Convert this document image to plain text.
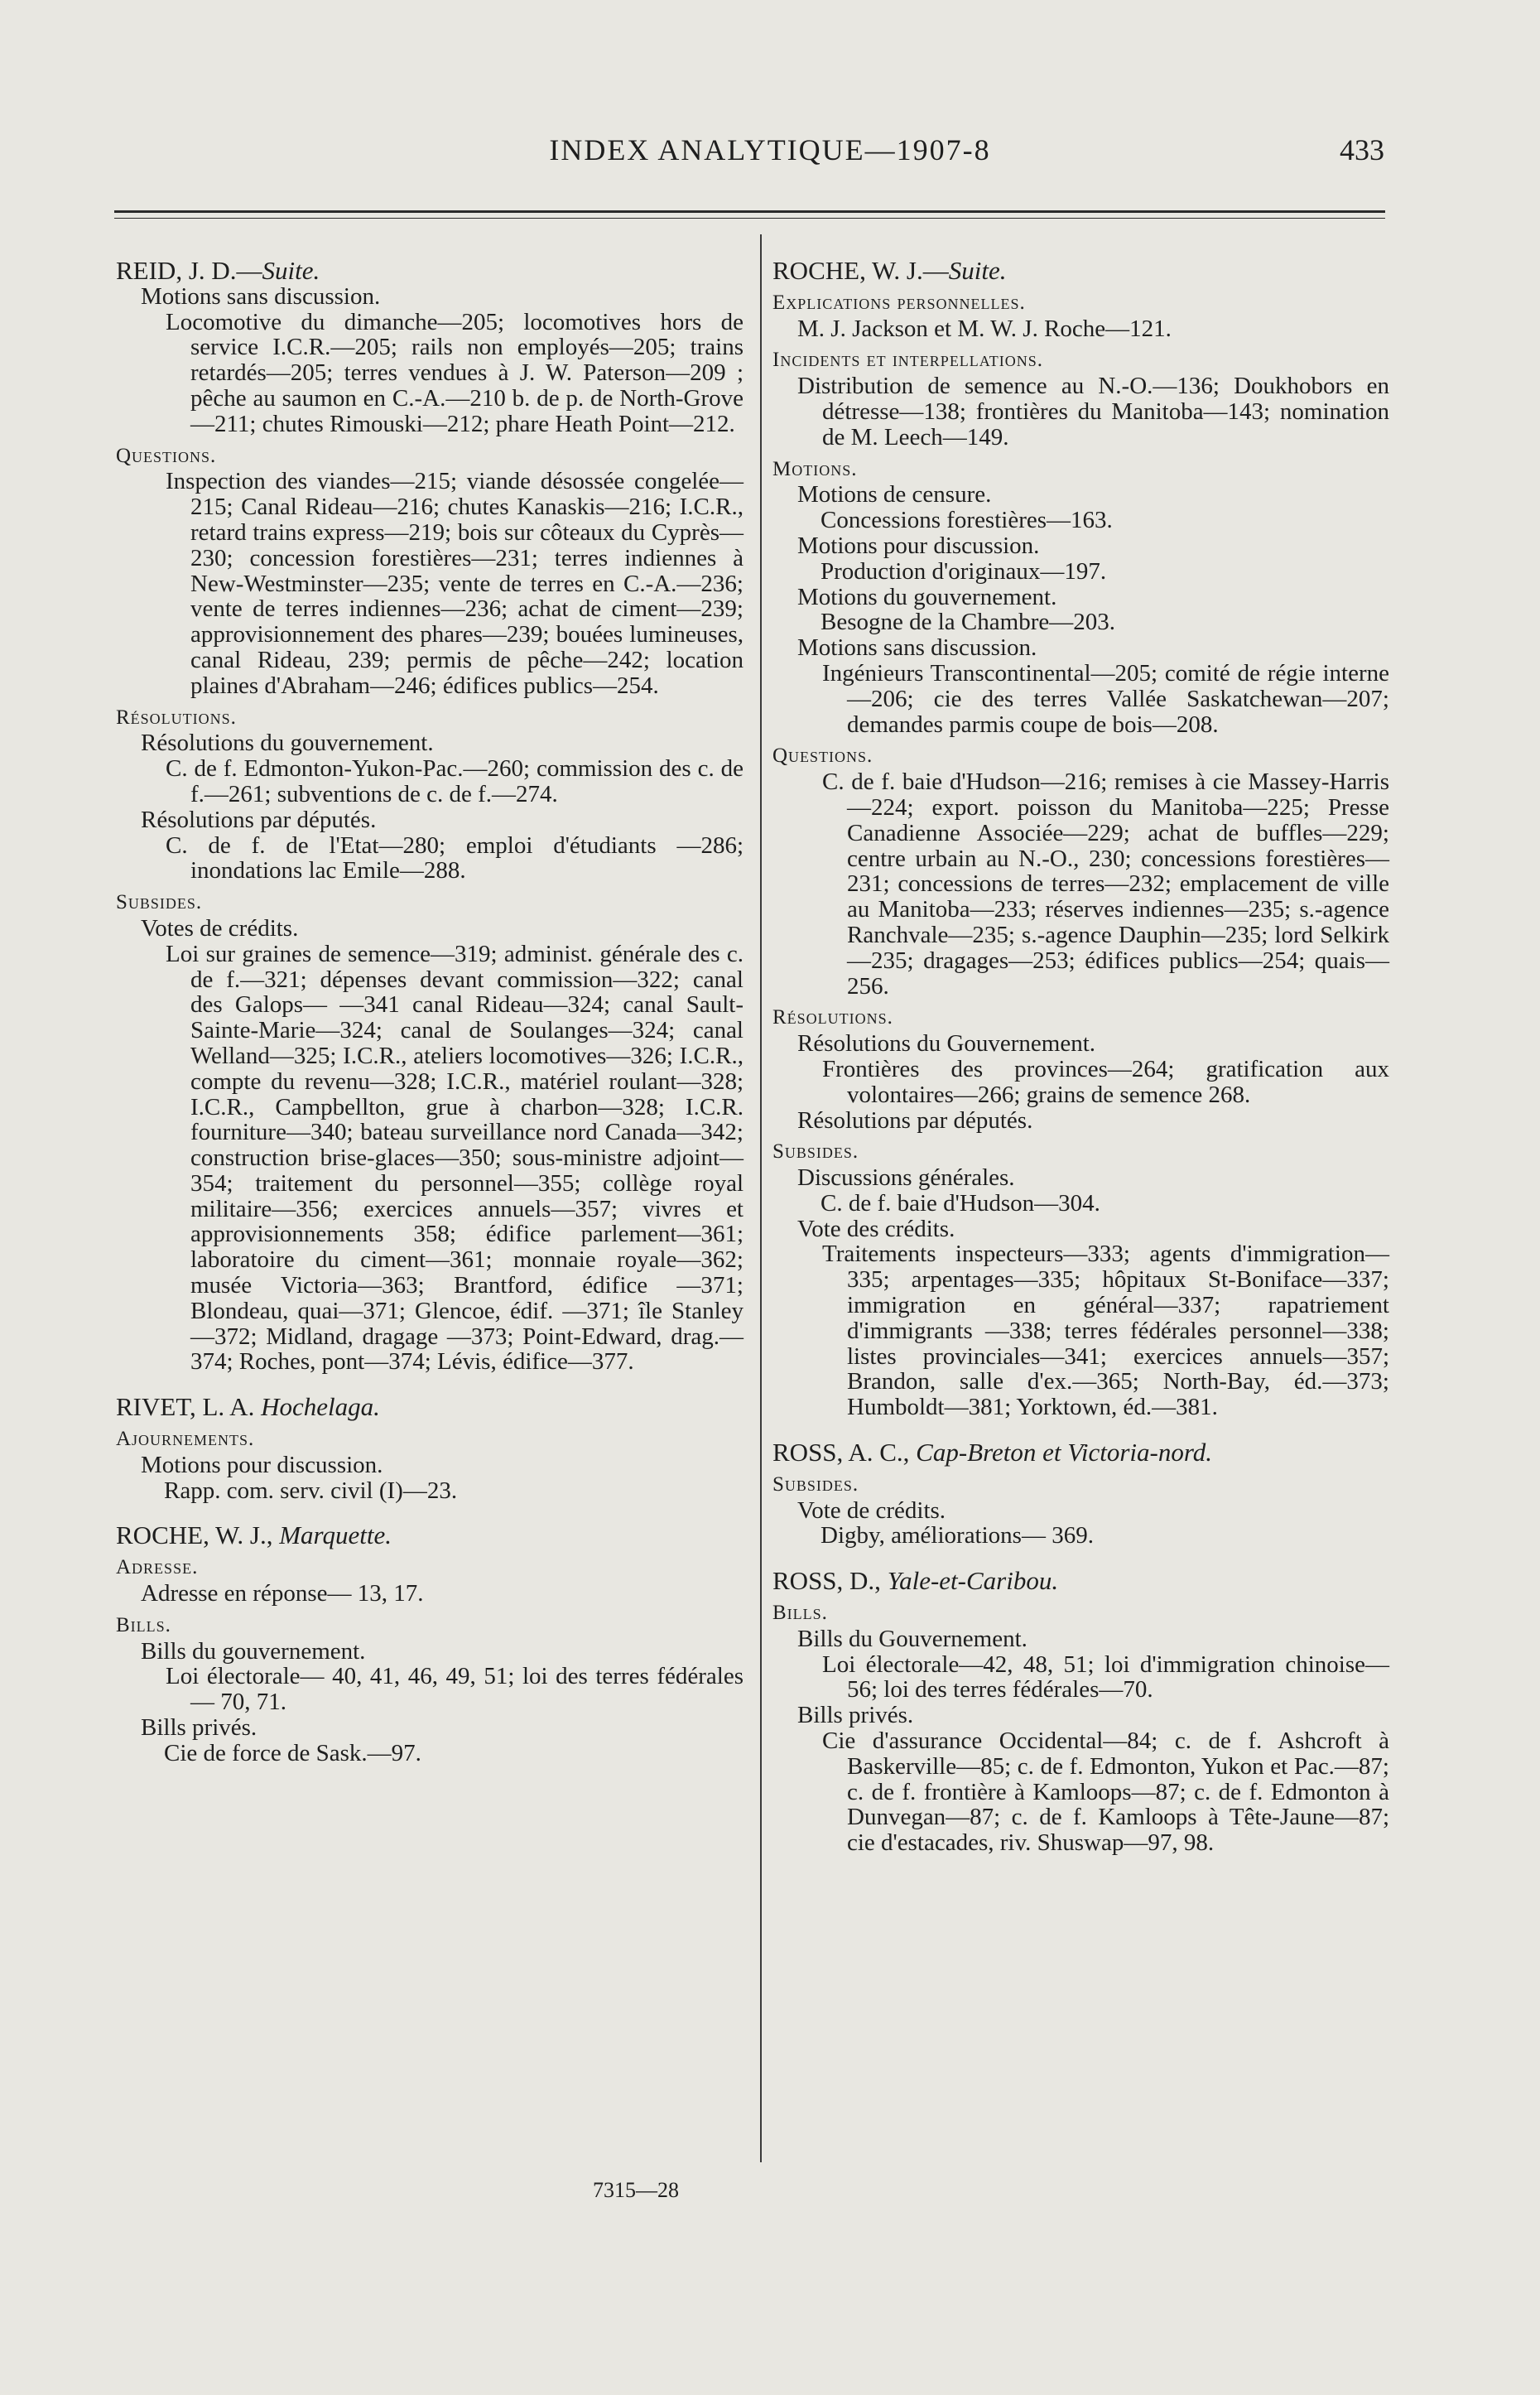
INDEX ANALYTIQUE—1907-8	433
REID, J. D.—Suite.
Motions sans discussion.
Locomotive du dimanche—205; locomotives hors de service I.C.R.—205; rails non employés—205; trains retardés—205; terres vendues à J. W. Paterson—209 ; pêche au saumon en C.-A.—210 b. de p. de North-Grove—211; chutes Rimouski—212; phare Heath Point—212.
Questions.
Inspection des viandes—215; viande désossée congelée—215; Canal Rideau—216; chutes Kanaskis—216; I.C.R., retard trains express—219; bois sur côteaux du Cyprès—230; concession forestières—231; terres indiennes à New-Westminster—235; vente de terres en C.-A.—236; vente de terres indiennes—236; achat de ciment—239; approvisionnement des phares—239; bouées lumineuses, canal Rideau, 239; permis de pêche—242; location plaines d'Abraham—246; édifices publics—254.
Résolutions.
Résolutions du gouvernement.
C. de f. Edmonton-Yukon-Pac.—260; commission des c. de f.—261; subventions de c. de f.—274.
Résolutions par députés.
C. de f. de l'Etat—280; emploi d'étudiants —286; inondations lac Emile—288.
Subsides.
Votes de crédits.
Loi sur graines de semence—319; administ. générale des c. de f.—321; dépenses devant commission—322; canal des Galops— —341 canal Rideau—324; canal Sault-Sainte-Marie—324; canal de Soulanges—324; canal Welland—325; I.C.R., ateliers locomotives—326; I.C.R., compte du revenu—328; I.C.R., matériel roulant—328; I.C.R., Campbellton, grue à charbon—328; I.C.R. fourniture—340; bateau surveillance nord Canada—342; construction brise-glaces—350; sous-ministre adjoint—354; traitement du personnel—355; collège royal militaire—356; exercices annuels—357; vivres et approvisionnements 358; édifice parlement—361; laboratoire du ciment—361; monnaie royale—362; musée Victoria—363; Brantford, édifice —371; Blondeau, quai—371; Glencoe, édif. —371; île Stanley—372; Midland, dragage —373; Point-Edward, drag.—374; Roches, pont—374; Lévis, édifice—377.
RIVET, L. A. Hochelaga.
Ajournements.
Motions pour discussion.
Rapp. com. serv. civil (I)—23.
ROCHE, W. J., Marquette.
Adresse.
Adresse en réponse— 13, 17.
Bills.
Bills du gouvernement.
Loi électorale— 40, 41, 46, 49, 51; loi des terres fédérales— 70, 71.
Bills privés.
Cie de force de Sask.—97.
ROCHE, W. J.—Suite.
Explications personnelles.
M. J. Jackson et M. W. J. Roche—121.
Incidents et interpellations.
Distribution de semence au N.-O.—136; Doukhobors en détresse—138; frontières du Manitoba—143; nomination de M. Leech—149.
Motions.
Motions de censure.
Concessions forestières—163.
Motions pour discussion.
Production d'originaux—197.
Motions du gouvernement.
Besogne de la Chambre—203.
Motions sans discussion.
Ingénieurs Transcontinental—205; comité de régie interne—206; cie des terres Vallée Saskatchewan—207; demandes parmis coupe de bois—208.
Questions.
C. de f. baie d'Hudson—216; remises à cie Massey-Harris—224; export. poisson du Manitoba—225; Presse Canadienne Associée—229; achat de buffles—229; centre urbain au N.-O., 230; concessions forestières—231; concessions de terres—232; emplacement de ville au Manitoba—233; réserves indiennes—235; s.-agence Ranchvale—235; s.-agence Dauphin—235; lord Selkirk—235; dragages—253; édifices publics—254; quais—256.
Résolutions.
Résolutions du Gouvernement.
Frontières des provinces—264; gratification aux volontaires—266; grains de semence 268.
Résolutions par députés.
Subsides.
Discussions générales.
C. de f. baie d'Hudson—304.
Vote des crédits.
Traitements inspecteurs—333; agents d'immigration—335; arpentages—335; hôpitaux St-Boniface—337; immigration en général—337; rapatriement d'immigrants —338; terres fédérales personnel—338; listes provinciales—341; exercices annuels—357; Brandon, salle d'ex.—365; North-Bay, éd.—373; Humboldt—381; Yorktown, éd.—381.
ROSS, A. C., Cap-Breton et Victoria-nord.
Subsides.
Vote de crédits.
Digby, améliorations— 369.
ROSS, D., Yale-et-Caribou.
Bills.
Bills du Gouvernement.
Loi électorale—42, 48, 51; loi d'immigration chinoise—56; loi des terres fédérales—70.
Bills privés.
Cie d'assurance Occidental—84; c. de f. Ashcroft à Baskerville—85; c. de f. Edmonton, Yukon et Pac.—87; c. de f. frontière à Kamloops—87; c. de f. Edmonton à Dunvegan—87; c. de f. Kamloops à Tête-Jaune—87; cie d'estacades, riv. Shuswap—97, 98.
7315—28
